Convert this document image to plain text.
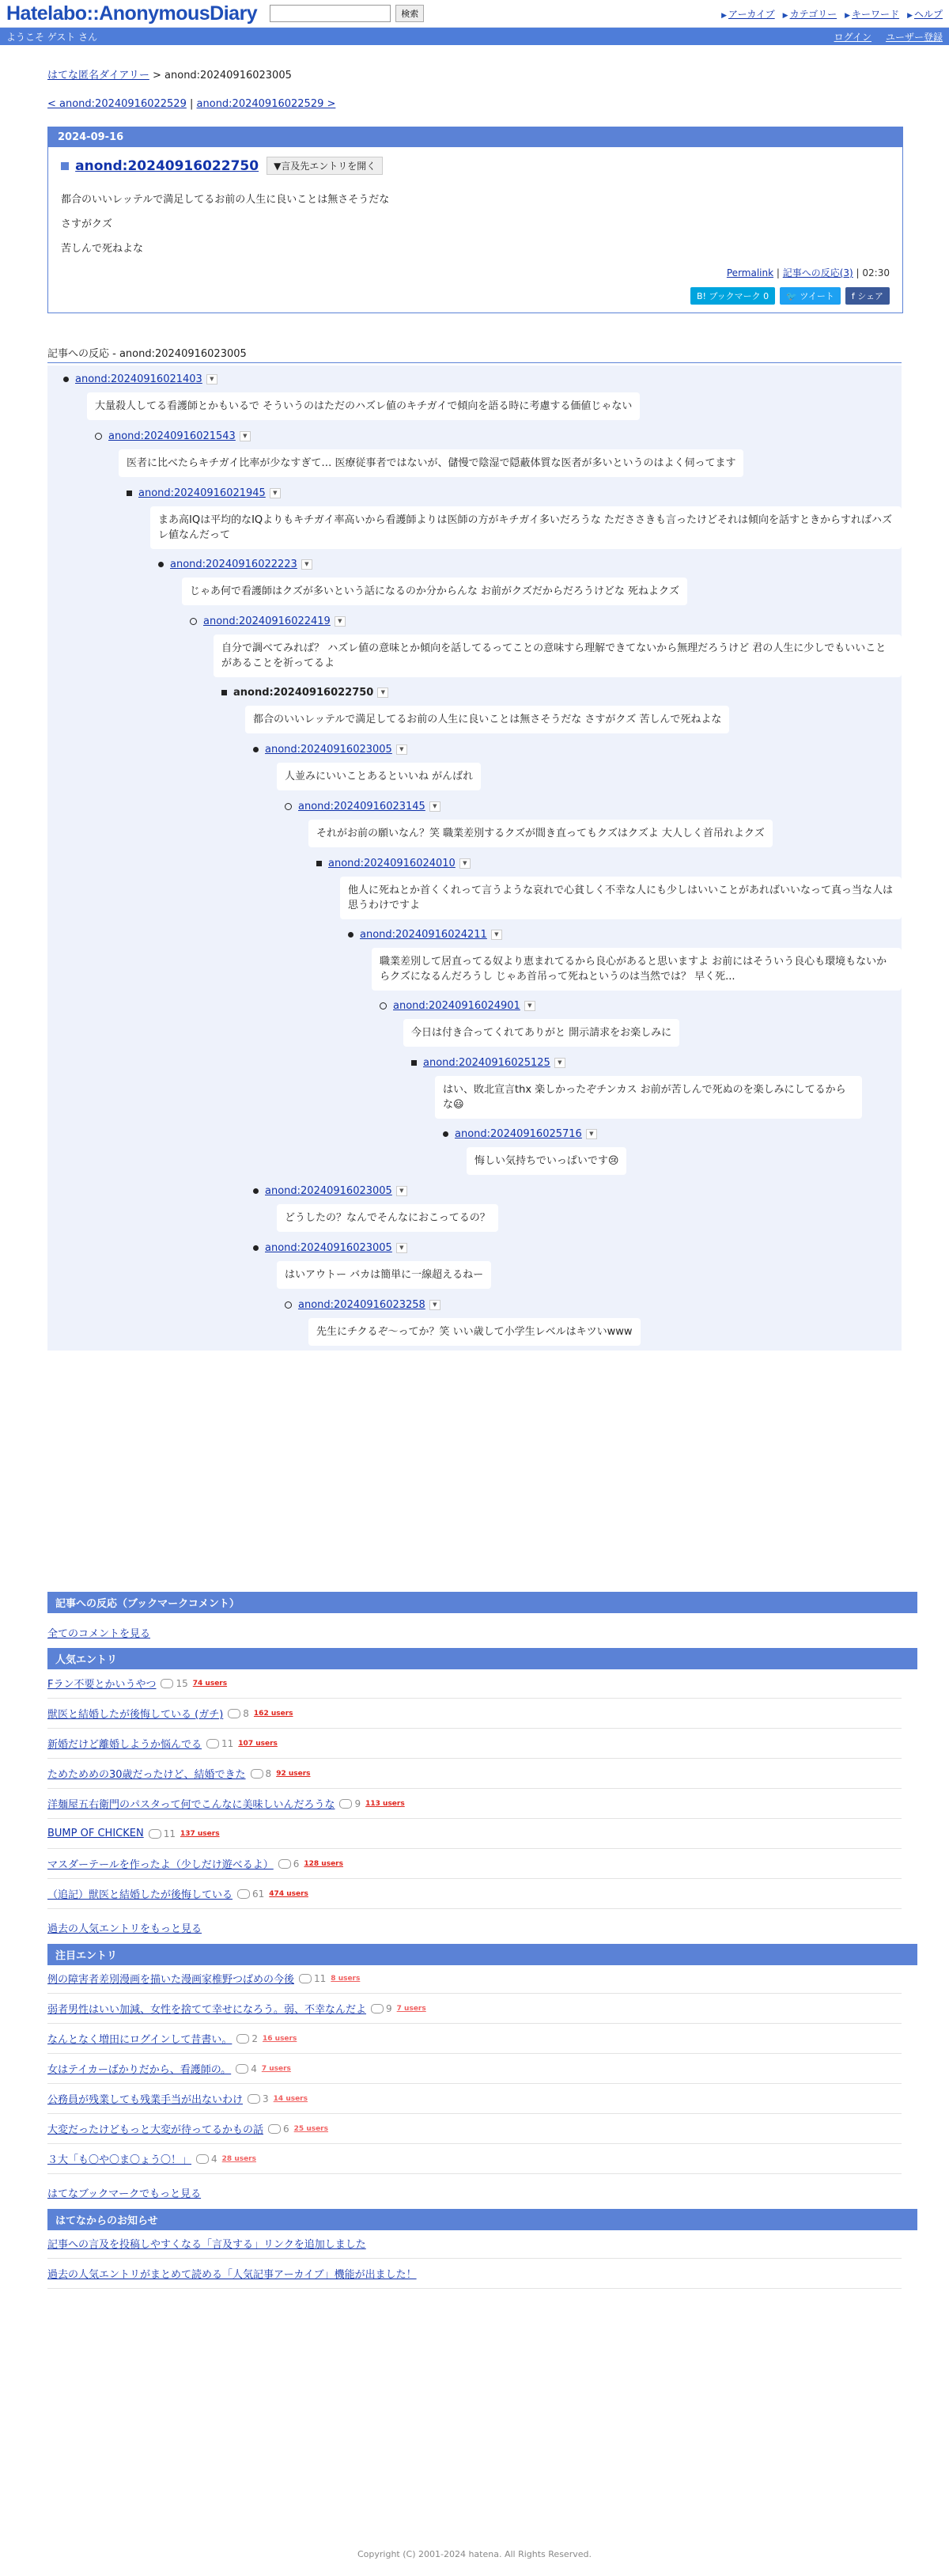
Hatelabo::AnonymousDiary	検索	▶ アーカイブ ▶ カテゴリー ▶ キーワード ▶ ヘルプ
ようこそ ゲスト さん	ログイン ユーザー登録
はてな匿名ダイアリー > anond:20240916023005
< anond:20240916022529 | anond:20240916022529 >
2024-09-16
anond:20240916022750	▼言及先エントリを開く

都合のいいレッテルで満足してるお前の人生に良いことは無さそうだな

さすがクズ

苦しんで死ねよな

Permalink | 記事への反応(3) | 02:30
B! ブックマーク 0	🐦 ツイート	f シェア
記事への反応 - anond:20240916023005
anond:20240916021403 ▼
大量殺人してる看護師とかもいるで そういうのはただのハズレ値のキチガイで傾向を語る時に考慮する価値じゃない
anond:20240916021543 ▼
医者に比べたらキチガイ比率が少なすぎて… 医療従事者ではないが、儲慢で陰湿で隠蔽体質な医者が多いというのはよく伺ってます
anond:20240916021945 ▼
まあ高IQは平均的なIQよりもキチガイ率高いから看護師よりは医師の方がキチガイ多いだろうな ただささきも言ったけどそれは傾向を話すときからすればハズレ値なんだって
anond:20240916022223 ▼
じゃあ何で看護師はクズが多いという話になるのか分からんな お前がクズだからだろうけどな 死ねよクズ
anond:20240916022419 ▼
自分で調べてみれば？ ハズレ値の意味とか傾向を話してるってことの意味すら理解できてないから無理だろうけど 君の人生に少しでもいいことがあることを祈ってるよ
anond:20240916022750 ▼
都合のいいレッテルで満足してるお前の人生に良いことは無さそうだな さすがクズ 苦しんで死ねよな
anond:20240916023005 ▼
人並みにいいことあるといいね がんばれ
anond:20240916023145 ▼
それがお前の願いなん？笑 職業差別するクズが間き直ってもクズはクズよ 大人しく首吊れよクズ
anond:20240916024010 ▼
他人に死ねとか首くくれって言うような哀れで心貧しく不幸な人にも少しはいいことがあればいいなって真っ当な人は思うわけですよ
anond:20240916024211 ▼
職業差別して居直ってる奴より恵まれてるから良心があると思いますよ お前にはそういう良心も環境もないからクズになるんだろうし じゃあ首吊って死ねというのは当然では？ 早く死...
anond:20240916024901 ▼
今日は付き合ってくれてありがと 開示請求をお楽しみに
anond:20240916025125 ▼
はい、敗北宣言thx 楽しかったぞチンカス お前が苦しんで死ぬのを楽しみにしてるからな😃
anond:20240916025716 ▼
悔しい気持ちでいっぱいです😢
anond:20240916023005 ▼
どうしたの？なんでそんなにおこってるの？
anond:20240916023005 ▼
はいアウトー バカは簡単に一線超えるねー
anond:20240916023258 ▼
先生にチクるぞ〜ってか？笑 いい歳して小学生レベルはキツいwww
記事への反応（ブックマークコメント）
全てのコメントを見る
人気エントリ
Fラン不要とかいうやつ 15 74 users
獣医と結婚したが後悔している (ガチ) 8 162 users
新婚だけど離婚しようか悩んでる 11 107 users
ためためめの30歳だったけど、結婚できた 8 92 users
洋麺屋五右衛門のパスタって何でこんなに美味しいんだろうな 9 113 users
BUMP OF CHICKEN 11 137 users
マスダーテールを作ったよ（少しだけ遊べるよ） 6 128 users
（追記）獣医と結婚したが後悔している 61 474 users
過去の人気エントリをもっと見る
注目エントリ
例の障害者差別漫画を描いた漫画家椎野つばめの今後 11 8 users
弱者男性はいい加減、女性を捨てて幸せになろう。弱、不幸なんだよ 9 7 users
なんとなく増田にログインして昔書い。 2 16 users
女はテイカーばかりだから、看護師の。 4 7 users
公務員が残業しても残業手当が出ないわけ 3 14 users
大変だったけどもっと大変が待ってるかもの話 6 25 users
３大「も〇や〇ま〇ょう〇！」 4 28 users
はてなブックマークでもっと見る
はてなからのお知らせ
記事への言及を投稿しやすくなる「言及する」リンクを追加しました
過去の人気エントリがまとめて読める「人気記事アーカイブ」機能が出ました！
Copyright (C) 2001-2024 hatena. All Rights Reserved.
